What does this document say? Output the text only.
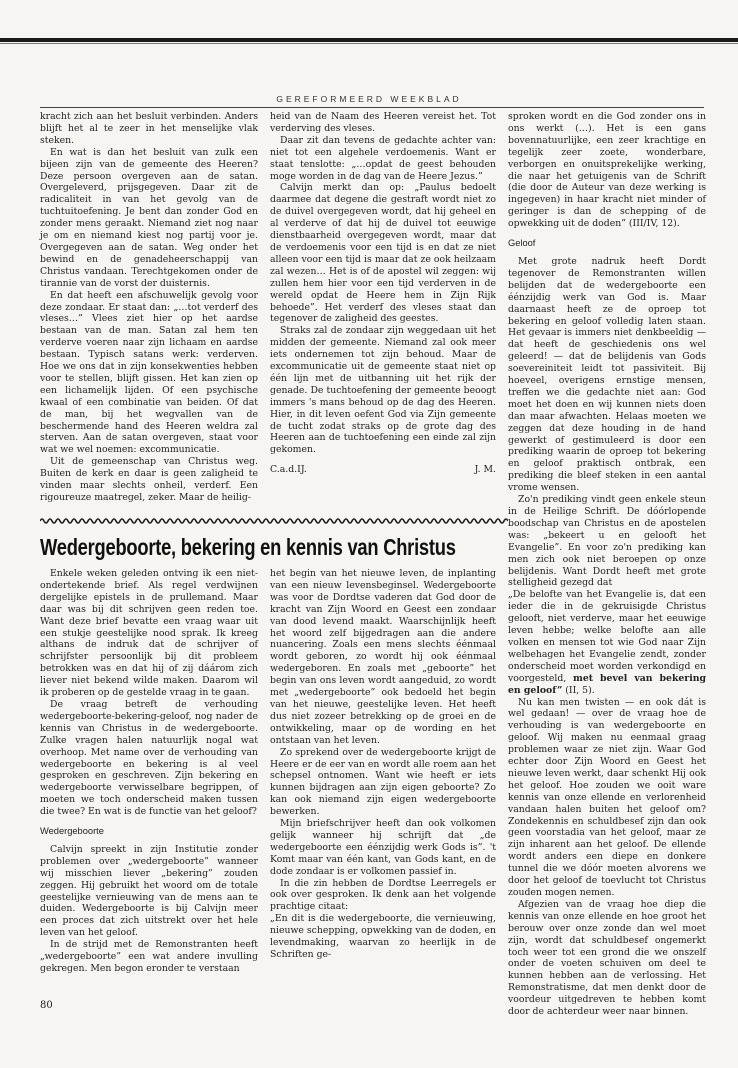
GEREFORMEERD WEEKBLAD

kracht zich aan het besluit verbinden. Anders blijft het al te zeer in het menselijke vlak steken.

En wat is dan het besluit van zulk een bijeen zijn van de gemeente des Heeren? Deze persoon overgeven aan de satan. Overgeleverd, prijsgegeven. Daar zit de radicaliteit in van het gevolg van de tuchtuitoefening. Je bent dan zonder God en zonder mens geraakt. Niemand ziet nog naar je om en niemand kiest nog partij voor je. Overgegeven aan de satan. Weg onder het bewind en de genadeheerschappij van Christus vandaan. Terechtgekomen onder de tirannie van de vorst der duisternis.

En dat heeft een afschuwelijk gevolg voor deze zondaar. Er staat dan: „…tot verderf des vleses…” Vlees ziet hier op het aardse bestaan van de man. Satan zal hem ten verderve voeren naar zijn lichaam en aardse bestaan. Typisch satans werk: verderven. Hoe we ons dat in zijn konsekwenties hebben voor te stellen, blijft gissen. Het kan zien op een lichamelijk lijden. Of een psychische kwaal of een combinatie van beiden. Of dat de man, bij het wegvallen van de beschermende hand des Heeren weldra zal sterven. Aan de satan overgeven, staat voor wat we wel noemen: excommunicatie.

Uit de gemeenschap van Christus weg. Buiten de kerk en daar is geen zaligheid te vinden maar slechts onheil, verderf. Een rigoureuze maatregel, zeker. Maar de heilig-

heid van de Naam des Heeren vereist het. Tot verderving des vleses.

Daar zit dan tevens de gedachte achter van: niet tot een algehele verdoemenis. Want er staat tenslotte: „…opdat de geest behouden moge worden in de dag van de Heere Jezus.”

Calvijn merkt dan op: „Paulus bedoelt daarmee dat degene die gestraft wordt niet zo de duivel overgegeven wordt, dat hij geheel en al verderve of dat hij de duivel tot eeuwige dienstbaarheid overgegeven wordt, maar dat de verdoemenis voor een tijd is en dat ze niet alleen voor een tijd is maar dat ze ook heilzaam zal wezen… Het is of de apostel wil zeggen: wij zullen hem hier voor een tijd verderven in de wereld opdat de Heere hem in Zijn Rijk behoede”. Het verderf des vleses staat dan tegenover de zaligheid des geestes.

Straks zal de zondaar zijn weggedaan uit het midden der gemeente. Niemand zal ook meer iets ondernemen tot zijn behoud. Maar de excommunicatie uit de gemeente staat niet op één lijn met de uitbanning uit het rijk der genade. De tuchtoefening der gemeente beoogt immers 's mans behoud op de dag des Heeren. Hier, in dit leven oefent God via Zijn gemeente de tucht zodat straks op de grote dag des Heeren aan de tuchtoefening een einde zal zijn gekomen.

C.a.d.IJ.	J. M.
Wedergeboorte, bekering en kennis van Christus

Enkele weken geleden ontving ik een niet-ondertekende brief. Als regel verdwijnen dergelijke epistels in de prullemand. Maar daar was bij dit schrijven geen reden toe. Want deze brief bevatte een vraag waar uit een stukje geestelijke nood sprak. Ik kreeg althans de indruk dat de schrijver of schrijfster persoonlijk bij dit probleem betrokken was en dat hij of zij dáárom zich liever niet bekend wilde maken. Daarom wil ik proberen op de gestelde vraag in te gaan.

De vraag betreft de verhouding wedergeboorte-bekering-geloof, nog nader de kennis van Christus in de wedergeboorte. Zulke vragen halen natuurlijk nogal wat overhoop. Met name over de verhouding van wedergeboorte en bekering is al veel gesproken en geschreven. Zijn bekering en wedergeboorte verwisselbare begrippen, of moeten we toch onderscheid maken tussen die twee? En wat is de functie van het geloof?

Wedergeboorte

Calvijn spreekt in zijn Institutie zonder problemen over „wedergeboorte” wanneer wij misschien liever „bekering” zouden zeggen. Hij gebruikt het woord om de totale geestelijke vernieuwing van de mens aan te duiden. Wedergeboorte is bij Calvijn meer een proces dat zich uitstrekt over het hele leven van het geloof.

In de strijd met de Remonstranten heeft „wedergeboorte” een wat andere invulling gekregen. Men begon eronder te verstaan

het begin van het nieuwe leven, de inplanting van een nieuw levensbeginsel. Wedergeboorte was voor de Dordtse vaderen dat God door de kracht van Zijn Woord en Geest een zondaar van dood levend maakt. Waarschijnlijk heeft het woord zelf bijgedragen aan die andere nuancering. Zoals een mens slechts éénmaal wordt geboren, zo wordt hij ook éénmaal wedergeboren. En zoals met „geboorte” het begin van ons leven wordt aangeduid, zo wordt met „wedergeboorte” ook bedoeld het begin van het nieuwe, geestelijke leven. Het heeft dus niet zozeer betrekking op de groei en de ontwikkeling, maar op de wording en het ontstaan van het leven.

Zo sprekend over de wedergeboorte krijgt de Heere er de eer van en wordt alle roem aan het schepsel ontnomen. Want wie heeft er iets kunnen bijdragen aan zijn eigen geboorte? Zo kan ook niemand zijn eigen wedergeboorte bewerken.

Mijn briefschrijver heeft dan ook volkomen gelijk wanneer hij schrijft dat „de wedergeboorte een éénzijdig werk Gods is”. 't Komt maar van één kant, van Gods kant, en de dode zondaar is er volkomen passief in.

In die zin hebben de Dordtse Leerregels er ook over gesproken. Ik denk aan het volgende prachtige citaat:

„En dit is die wedergeboorte, die vernieuwing, nieuwe schepping, opwekking van de doden, en levendmaking, waarvan zo heerlijk in de Schriften ge-

sproken wordt en die God zonder ons in ons werkt (…). Het is een gans bovennatuurlijke, een zeer krachtige en tegelijk zeer zoete, wonderbare, verborgen en onuitsprekelijke werking, die naar het getuigenis van de Schrift (die door de Auteur van deze werking is ingegeven) in haar kracht niet minder of geringer is dan de schepping of de opwekking uit de doden” (III/IV, 12).

Geloof

Met grote nadruk heeft Dordt tegenover de Remonstranten willen belijden dat de wedergeboorte een éénzijdig werk van God is. Maar daarnaast heeft ze de oproep tot bekering en geloof volledig laten staan. Het gevaar is immers niet denkbeeldig — dat heeft de geschiedenis ons wel geleerd! — dat de belijdenis van Gods soevereiniteit leidt tot passiviteit. Bij hoeveel, overigens ernstige mensen, treffen we die gedachte niet aan: God moet het doen en wij kunnen niets doen dan maar afwachten. Helaas moeten we zeggen dat deze houding in de hand gewerkt of gestimuleerd is door een prediking waarin de oproep tot bekering en geloof praktisch ontbrak, een prediking die bleef steken in een aantal vrome wensen.

Zo'n prediking vindt geen enkele steun in de Heilige Schrift. De dóórlopende boodschap van Christus en de apostelen was: „bekeert u en gelooft het Evangelie”. En voor zo'n prediking kan men zich ook niet beroepen op onze belijdenis. Want Dordt heeft met grote stelligheid gezegd dat

„De belofte van het Evangelie is, dat een ieder die in de gekruisigde Christus gelooft, niet verderve, maar het eeuwige leven hebbe; welke belofte aan alle volken en mensen tot wie God naar Zijn welbehagen het Evangelie zendt, zonder onderscheid moet worden verkondigd en voorgesteld, met bevel van bekering en geloof” (II, 5).

Nu kan men twisten — en ook dát is wel gedaan! — over de vraag hoe de verhouding is van wedergeboorte en geloof. Wij maken nu eenmaal graag problemen waar ze niet zijn. Waar God echter door Zijn Woord en Geest het nieuwe leven werkt, daar schenkt Hij ook het geloof. Hoe zouden we ooit ware kennis van onze ellende en verlorenheid vandaan halen buiten het geloof om? Zondekennis en schuldbesef zijn dan ook geen voorstadia van het geloof, maar ze zijn inharent aan het geloof. De ellende wordt anders een diepe en donkere tunnel die we dóór moeten alvorens we door het geloof de toevlucht tot Christus zouden mogen nemen.

Afgezien van de vraag hoe diep die kennis van onze ellende en hoe groot het berouw over onze zonde dan wel moet zijn, wordt dat schuldbesef ongemerkt toch weer tot een grond die we onszelf onder de voeten schuiven om deel te kunnen hebben aan de verlossing. Het Remonstratisme, dat men denkt door de voordeur uitgedreven te hebben komt door de achterdeur weer naar binnen.

80
